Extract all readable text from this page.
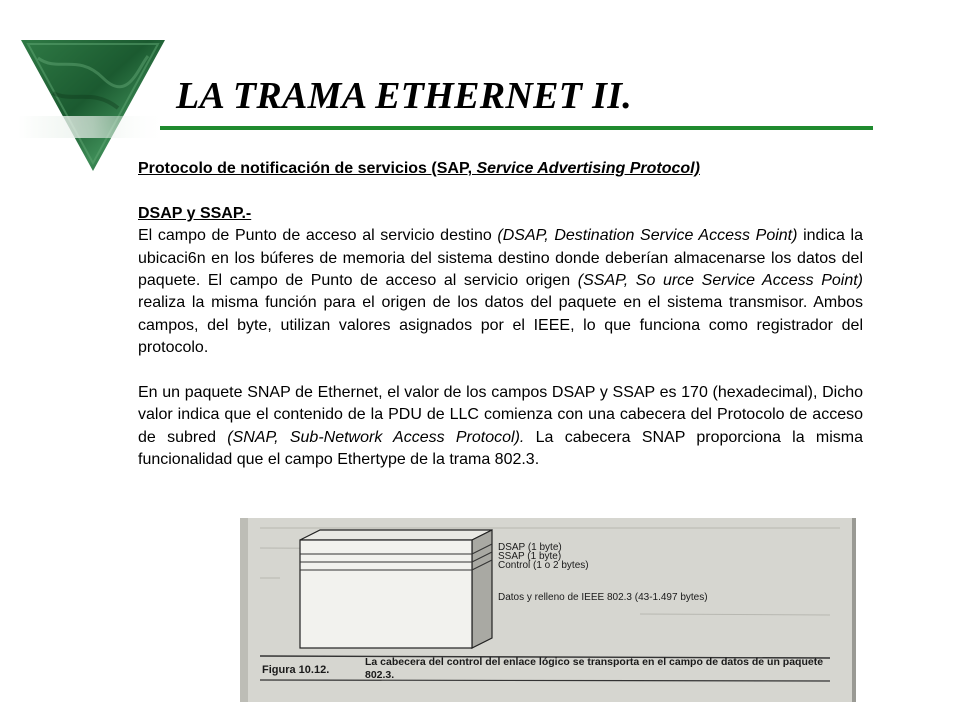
LA TRAMA ETHERNET II.

Protocolo de notificación de servicios (SAP, Service Advertising Protocol)

DSAP y SSAP.-

El campo de Punto de acceso al servicio destino (DSAP, Destination Service Access Point) indica la ubicaci6n en los búferes de memoria del sistema destino donde deberían almacenarse los datos del paquete. El campo de Punto de acceso al servicio origen (SSAP, So urce Service Access Point) realiza la misma función para el origen de los datos del paquete en el sistema transmisor. Ambos campos, del byte, utilizan valores asignados por el IEEE, lo que funciona como registrador del protocolo.

En un paquete SNAP de Ethernet, el valor de los campos DSAP y SSAP es 170 (hexadecimal), Dicho valor indica que el contenido de la PDU de LLC comienza con una cabecera del Protocolo de acceso de subred (SNAP, Sub-Network Access Protocol). La cabecera SNAP proporciona la misma funcionalidad que el campo Ethertype de la trama 802.3.

DSAP (1 byte)
SSAP (1 byte)
Control (1 o 2 bytes)
Datos y relleno de IEEE 802.3 (43-1.497 bytes)
Figura 10.12.
La cabecera del control del enlace lógico se transporta en el campo de datos de un paquete 802.3.
